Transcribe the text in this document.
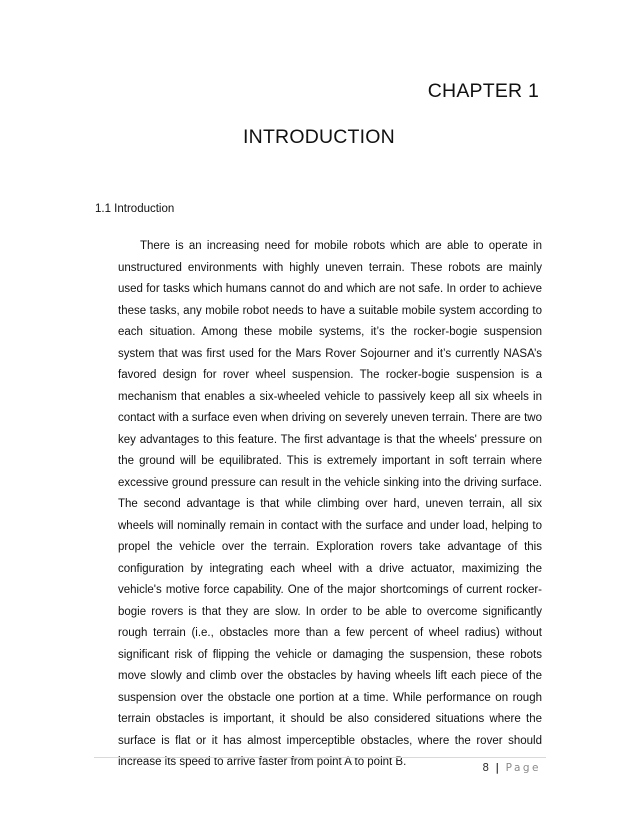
CHAPTER 1
INTRODUCTION
1.1 Introduction

There is an increasing need for mobile robots which are able to operate in unstructured environments with highly uneven terrain. These robots are mainly used for tasks which humans cannot do and which are not safe. In order to achieve these tasks, any mobile robot needs to have a suitable mobile system according to each situation. Among these mobile systems, it’s the rocker-bogie suspension system that was first used for the Mars Rover Sojourner and it’s currently NASA’s favored design for rover wheel suspension. The rocker-bogie suspension is a mechanism that enables a six-wheeled vehicle to passively keep all six wheels in contact with a surface even when driving on severely uneven terrain. There are two key advantages to this feature. The first advantage is that the wheels' pressure on the ground will be equilibrated. This is extremely important in soft terrain where excessive ground pressure can result in the vehicle sinking into the driving surface. The second advantage is that while climbing over hard, uneven terrain, all six wheels will nominally remain in contact with the surface and under load, helping to propel the vehicle over the terrain. Exploration rovers take advantage of this configuration by integrating each wheel with a drive actuator, maximizing the vehicle's motive force capability. One of the major shortcomings of current rocker-bogie rovers is that they are slow. In order to be able to overcome significantly rough terrain (i.e., obstacles more than a few percent of wheel radius) without significant risk of flipping the vehicle or damaging the suspension, these robots move slowly and climb over the obstacles by having wheels lift each piece of the suspension over the obstacle one portion at a time. While performance on rough terrain obstacles is important, it should be also considered situations where the surface is flat or it has almost imperceptible obstacles, where the rover should increase its speed to arrive faster from point A to point B.	8 | Page
